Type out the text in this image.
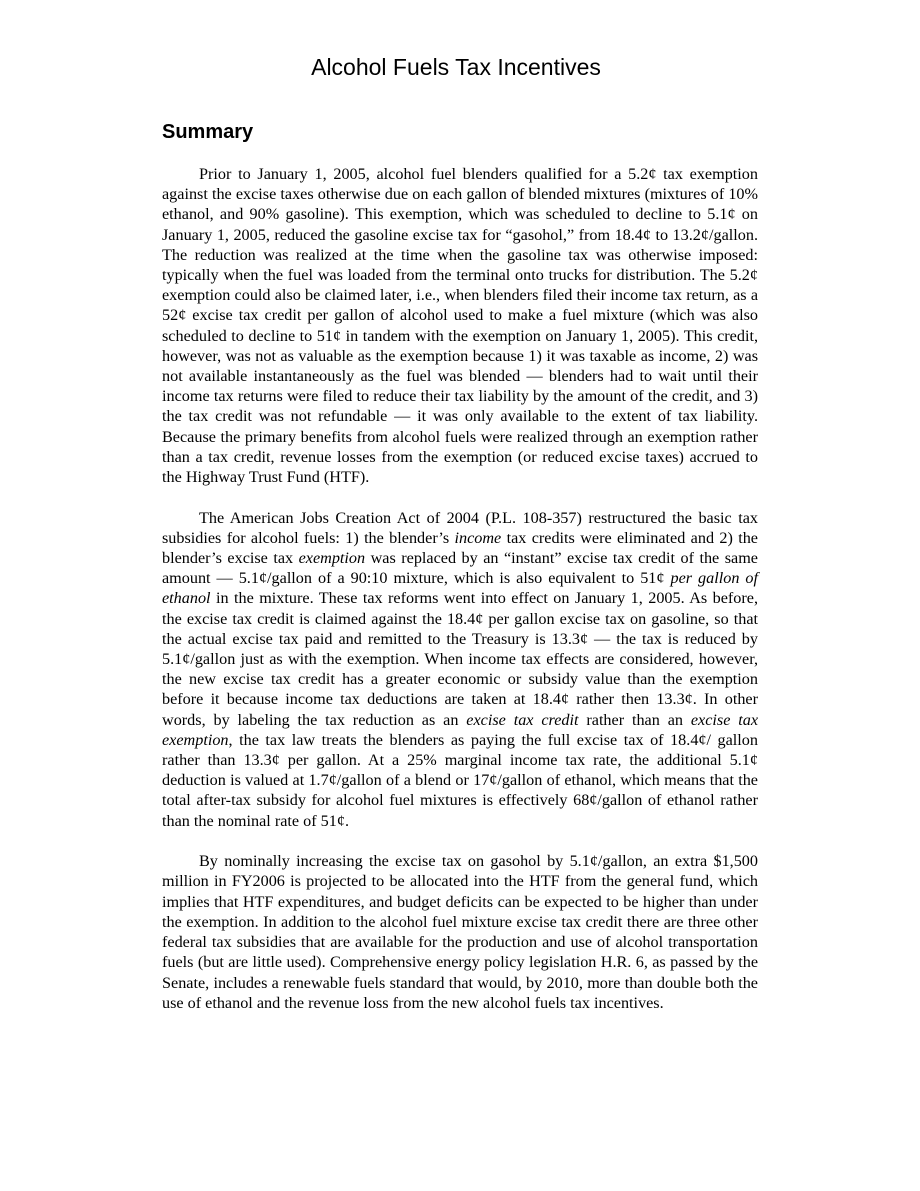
Alcohol Fuels Tax Incentives
Summary

Prior to January 1, 2005, alcohol fuel blenders qualified for a 5.2¢ tax exemption against the excise taxes otherwise due on each gallon of blended mixtures (mixtures of 10% ethanol, and 90% gasoline). This exemption, which was scheduled to decline to 5.1¢ on January 1, 2005, reduced the gasoline excise tax for “gasohol,” from 18.4¢ to 13.2¢/gallon. The reduction was realized at the time when the gasoline tax was otherwise imposed: typically when the fuel was loaded from the terminal onto trucks for distribution. The 5.2¢ exemption could also be claimed later, i.e., when blenders filed their income tax return, as a 52¢ excise tax credit per gallon of alcohol used to make a fuel mixture (which was also scheduled to decline to 51¢ in tandem with the exemption on January 1, 2005). This credit, however, was not as valuable as the exemption because 1) it was taxable as income, 2) was not available instantaneously as the fuel was blended — blenders had to wait until their income tax returns were filed to reduce their tax liability by the amount of the credit, and 3) the tax credit was not refundable — it was only available to the extent of tax liability. Because the primary benefits from alcohol fuels were realized through an exemption rather than a tax credit, revenue losses from the exemption (or reduced excise taxes) accrued to the Highway Trust Fund (HTF).

The American Jobs Creation Act of 2004 (P.L. 108-357) restructured the basic tax subsidies for alcohol fuels: 1) the blender’s income tax credits were eliminated and 2) the blender’s excise tax exemption was replaced by an “instant” excise tax credit of the same amount — 5.1¢/gallon of a 90:10 mixture, which is also equivalent to 51¢ per gallon of ethanol in the mixture. These tax reforms went into effect on January 1, 2005. As before, the excise tax credit is claimed against the 18.4¢ per gallon excise tax on gasoline, so that the actual excise tax paid and remitted to the Treasury is 13.3¢ — the tax is reduced by 5.1¢/gallon just as with the exemption. When income tax effects are considered, however, the new excise tax credit has a greater economic or subsidy value than the exemption before it because income tax deductions are taken at 18.4¢ rather then 13.3¢. In other words, by labeling the tax reduction as an excise tax credit rather than an excise tax exemption, the tax law treats the blenders as paying the full excise tax of 18.4¢/ gallon rather than 13.3¢ per gallon. At a 25% marginal income tax rate, the additional 5.1¢ deduction is valued at 1.7¢/gallon of a blend or 17¢/gallon of ethanol, which means that the total after-tax subsidy for alcohol fuel mixtures is effectively 68¢/gallon of ethanol rather than the nominal rate of 51¢.

By nominally increasing the excise tax on gasohol by 5.1¢/gallon, an extra $1,500 million in FY2006 is projected to be allocated into the HTF from the general fund, which implies that HTF expenditures, and budget deficits can be expected to be higher than under the exemption. In addition to the alcohol fuel mixture excise tax credit there are three other federal tax subsidies that are available for the production and use of alcohol transportation fuels (but are little used). Comprehensive energy policy legislation H.R. 6, as passed by the Senate, includes a renewable fuels standard that would, by 2010, more than double both the use of ethanol and the revenue loss from the new alcohol fuels tax incentives.
